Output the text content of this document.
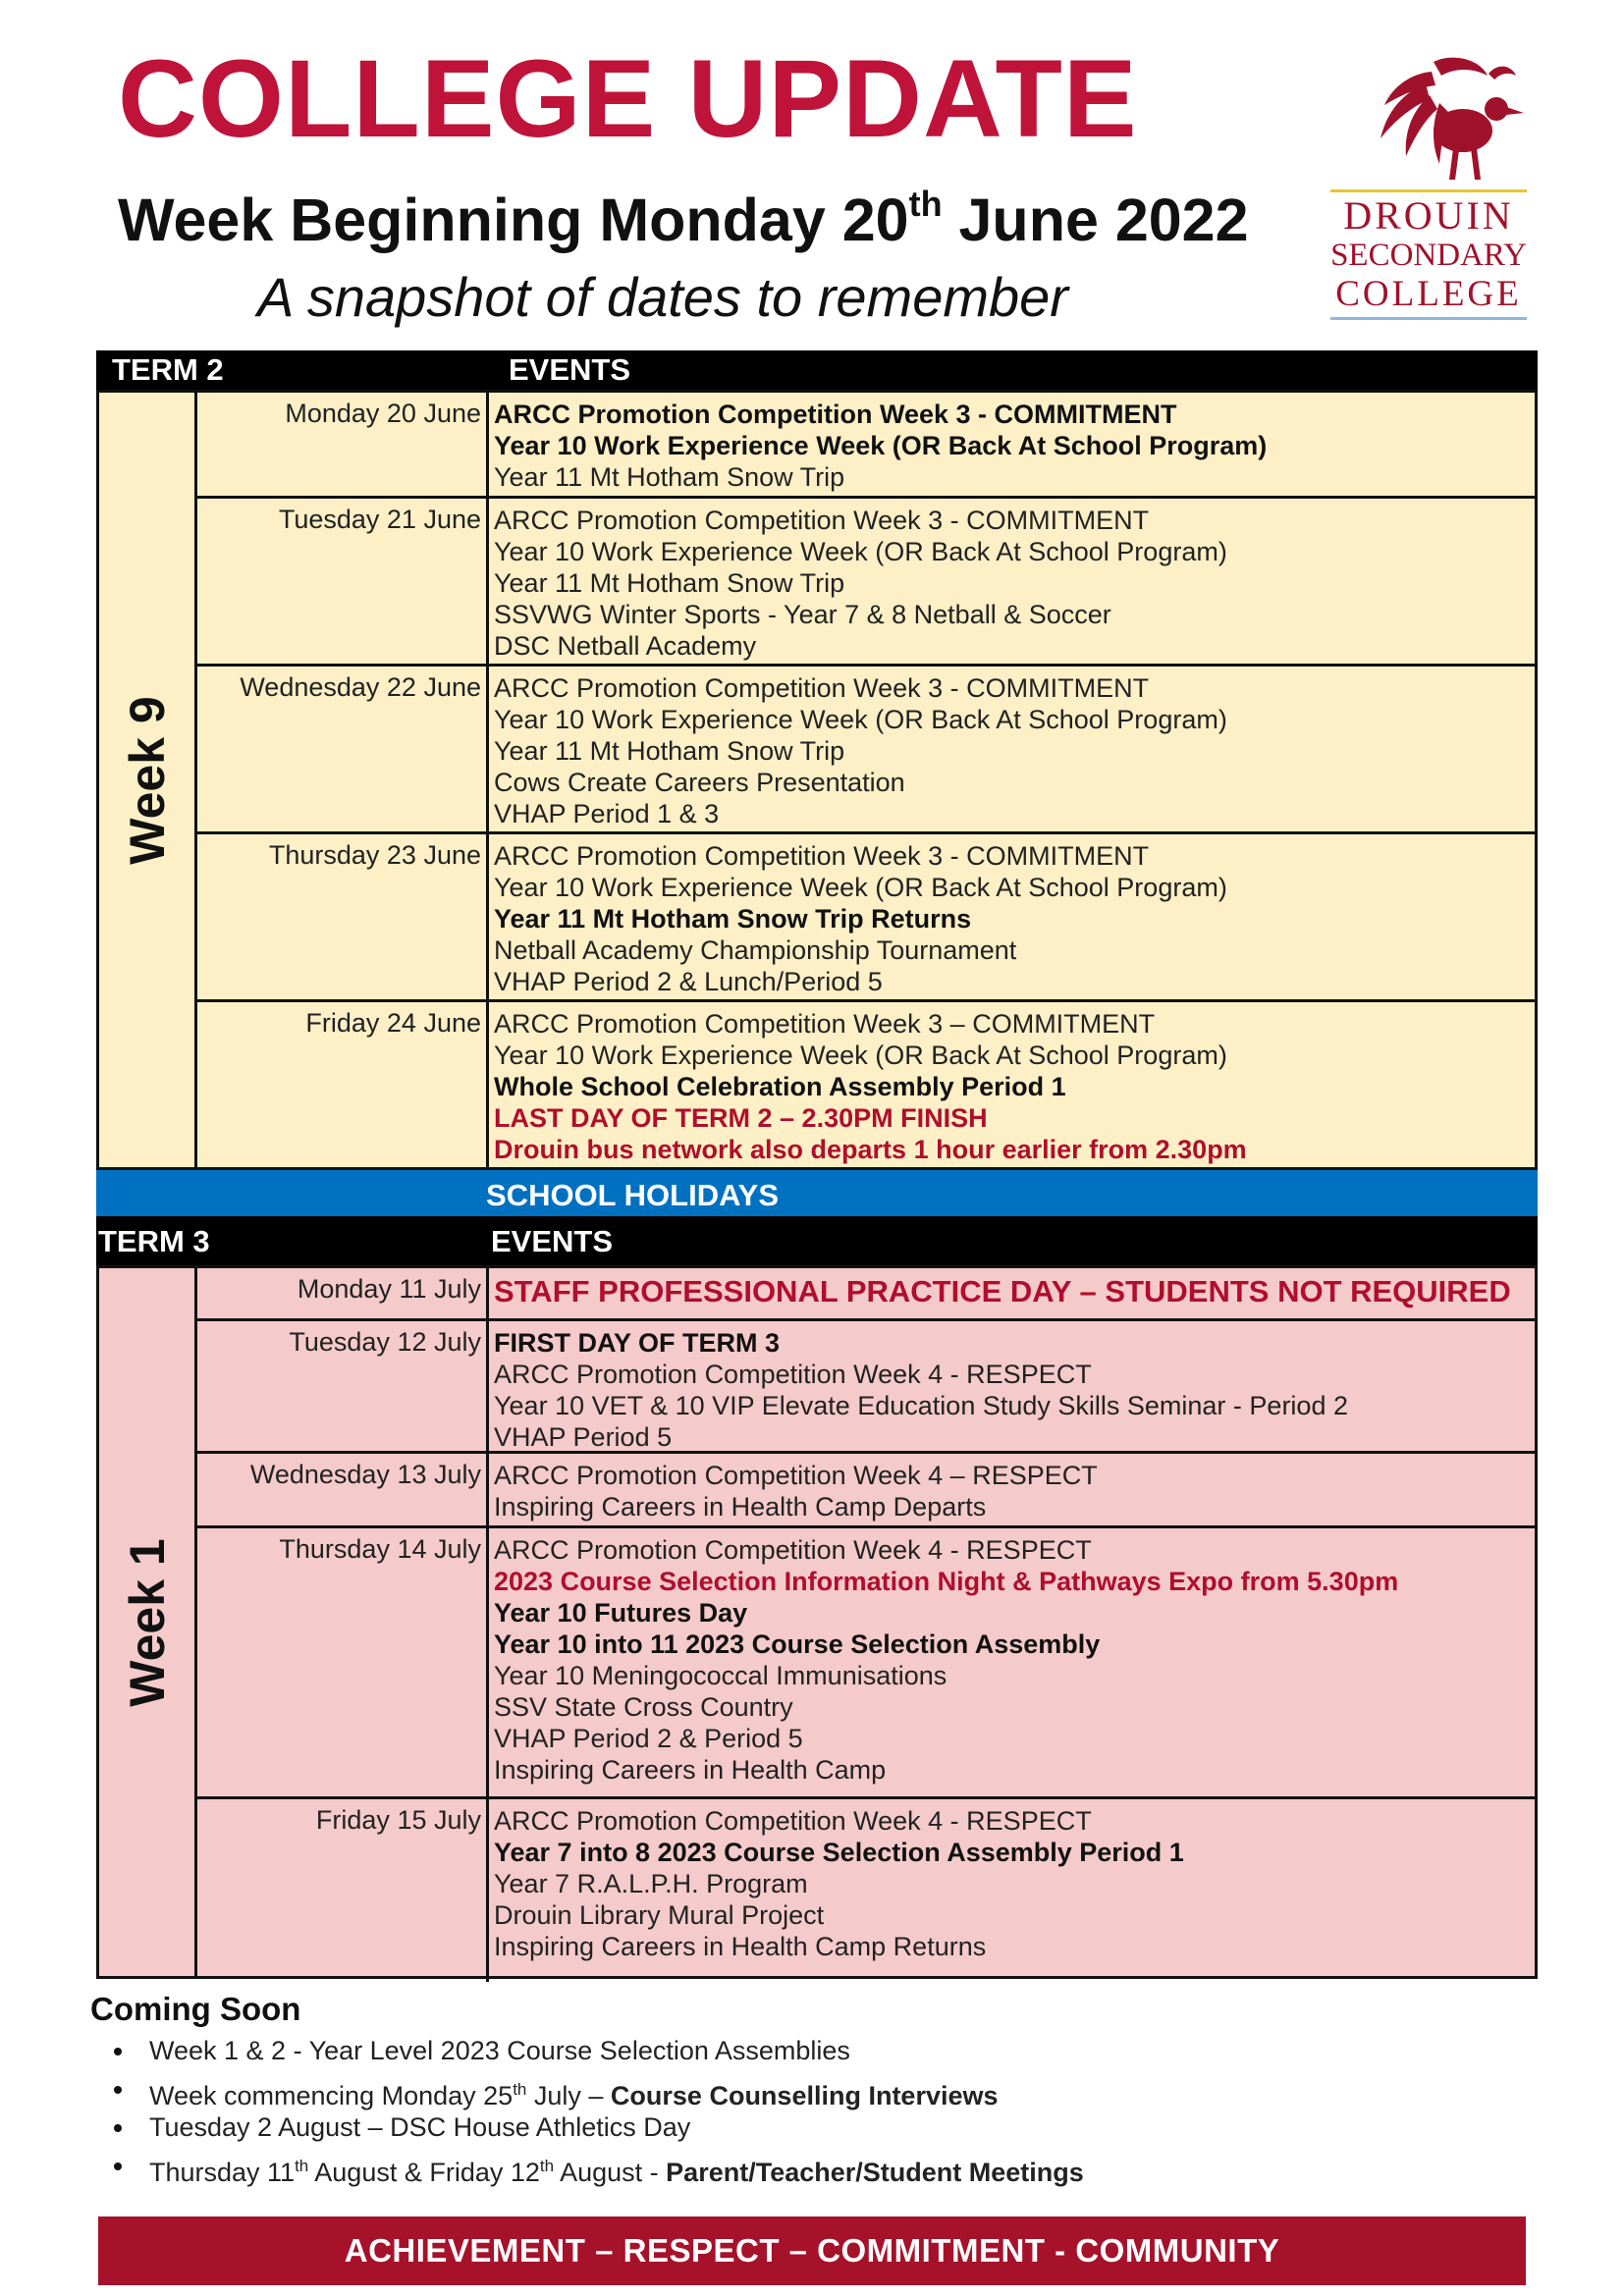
COLLEGE UPDATE
Week Beginning Monday 20th June 2022
A snapshot of dates to remember
DROUIN
SECONDARY
COLLEGE
TERM 2	EVENTS
Week 9
Monday 20 June ARCC Promotion Competition Week 3 - COMMITMENT
Year 10 Work Experience Week (OR Back At School Program)
Year 11 Mt Hotham Snow Trip
Tuesday 21 June ARCC Promotion Competition Week 3 - COMMITMENT
Year 10 Work Experience Week (OR Back At School Program)
Year 11 Mt Hotham Snow Trip
SSVWG Winter Sports - Year 7 & 8 Netball & Soccer
DSC Netball Academy
Wednesday 22 June ARCC Promotion Competition Week 3 - COMMITMENT
Year 10 Work Experience Week (OR Back At School Program)
Year 11 Mt Hotham Snow Trip
Cows Create Careers Presentation
VHAP Period 1 & 3
Thursday 23 June ARCC Promotion Competition Week 3 - COMMITMENT
Year 10 Work Experience Week (OR Back At School Program)
Year 11 Mt Hotham Snow Trip Returns
Netball Academy Championship Tournament
VHAP Period 2 & Lunch/Period 5
Friday 24 June ARCC Promotion Competition Week 3 – COMMITMENT
Year 10 Work Experience Week (OR Back At School Program)
Whole School Celebration Assembly Period 1
LAST DAY OF TERM 2 – 2.30PM FINISH
Drouin bus network also departs 1 hour earlier from 2.30pm
SCHOOL HOLIDAYS
TERM 3	EVENTS
Week 1
Monday 11 July STAFF PROFESSIONAL PRACTICE DAY – STUDENTS NOT REQUIRED
Tuesday 12 July FIRST DAY OF TERM 3
ARCC Promotion Competition Week 4 - RESPECT
Year 10 VET & 10 VIP Elevate Education Study Skills Seminar - Period 2
VHAP Period 5
Wednesday 13 July ARCC Promotion Competition Week 4 – RESPECT
Inspiring Careers in Health Camp Departs
Thursday 14 July ARCC Promotion Competition Week 4 - RESPECT
2023 Course Selection Information Night & Pathways Expo from 5.30pm
Year 10 Futures Day
Year 10 into 11 2023 Course Selection Assembly
Year 10 Meningococcal Immunisations
SSV State Cross Country
VHAP Period 2 & Period 5
Inspiring Careers in Health Camp
Friday 15 July ARCC Promotion Competition Week 4 - RESPECT
Year 7 into 8 2023 Course Selection Assembly Period 1
Year 7 R.A.L.P.H. Program
Drouin Library Mural Project
Inspiring Careers in Health Camp Returns
Coming Soon
Week 1 & 2 - Year Level 2023 Course Selection Assemblies
Week commencing Monday 25th July – Course Counselling Interviews
Tuesday 2 August – DSC House Athletics Day
Thursday 11th August & Friday 12th August - Parent/Teacher/Student Meetings
ACHIEVEMENT – RESPECT – COMMITMENT - COMMUNITY
